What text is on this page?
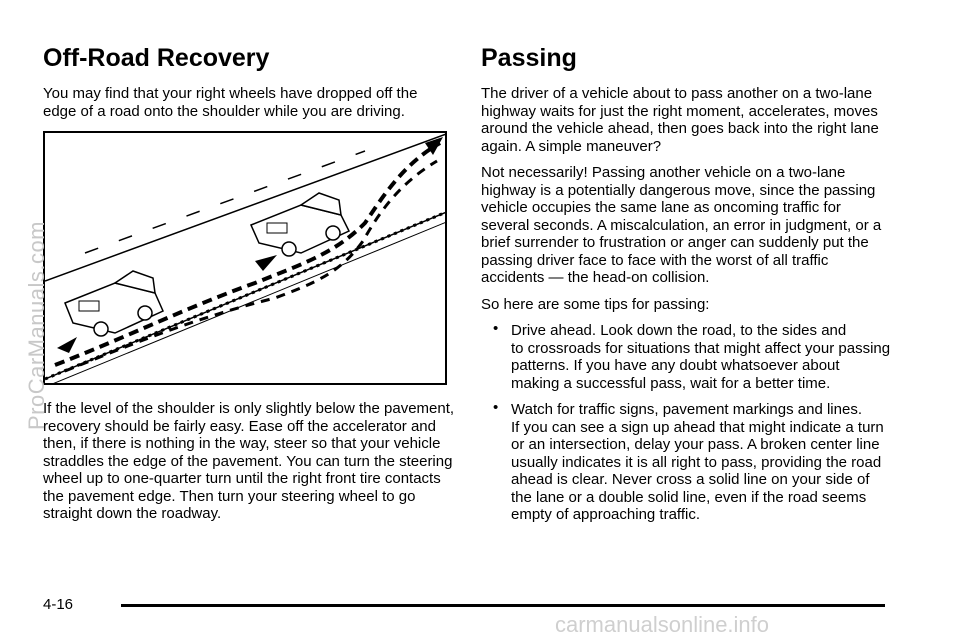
Off-Road Recovery	Passing
You may find that your right wheels have dropped off the edge of a road onto the shoulder while you are driving.
If the level of the shoulder is only slightly below the pavement, recovery should be fairly easy. Ease off the accelerator and then, if there is nothing in the way, steer so that your vehicle straddles the edge of the pavement. You can turn the steering wheel up to one-quarter turn until the right front tire contacts the pavement edge. Then turn your steering wheel to go straight down the roadway.

The driver of a vehicle about to pass another on a two-lane highway waits for just the right moment, accelerates, moves around the vehicle ahead, then goes back into the right lane again. A simple maneuver?

Not necessarily! Passing another vehicle on a two-lane highway is a potentially dangerous move, since the passing vehicle occupies the same lane as oncoming traffic for several seconds. A miscalculation, an error in judgment, or a brief surrender to frustration or anger can suddenly put the passing driver face to face with the worst of all traffic accidents — the head-on collision.

So here are some tips for passing:

• Drive ahead. Look down the road, to the sides and

to crossroads for situations that might affect your passing patterns. If you have any doubt whatsoever about making a successful pass, wait for a better time.

• Watch for traffic signs, pavement markings and lines.

If you can see a sign up ahead that might indicate a turn or an intersection, delay your pass. A broken center line usually indicates it is all right to pass, providing the road ahead is clear. Never cross a solid line on your side of the lane or a double solid line, even if the road seems empty of approaching traffic.

4-16
ProCarManuals.com
carmanualsonline.info
